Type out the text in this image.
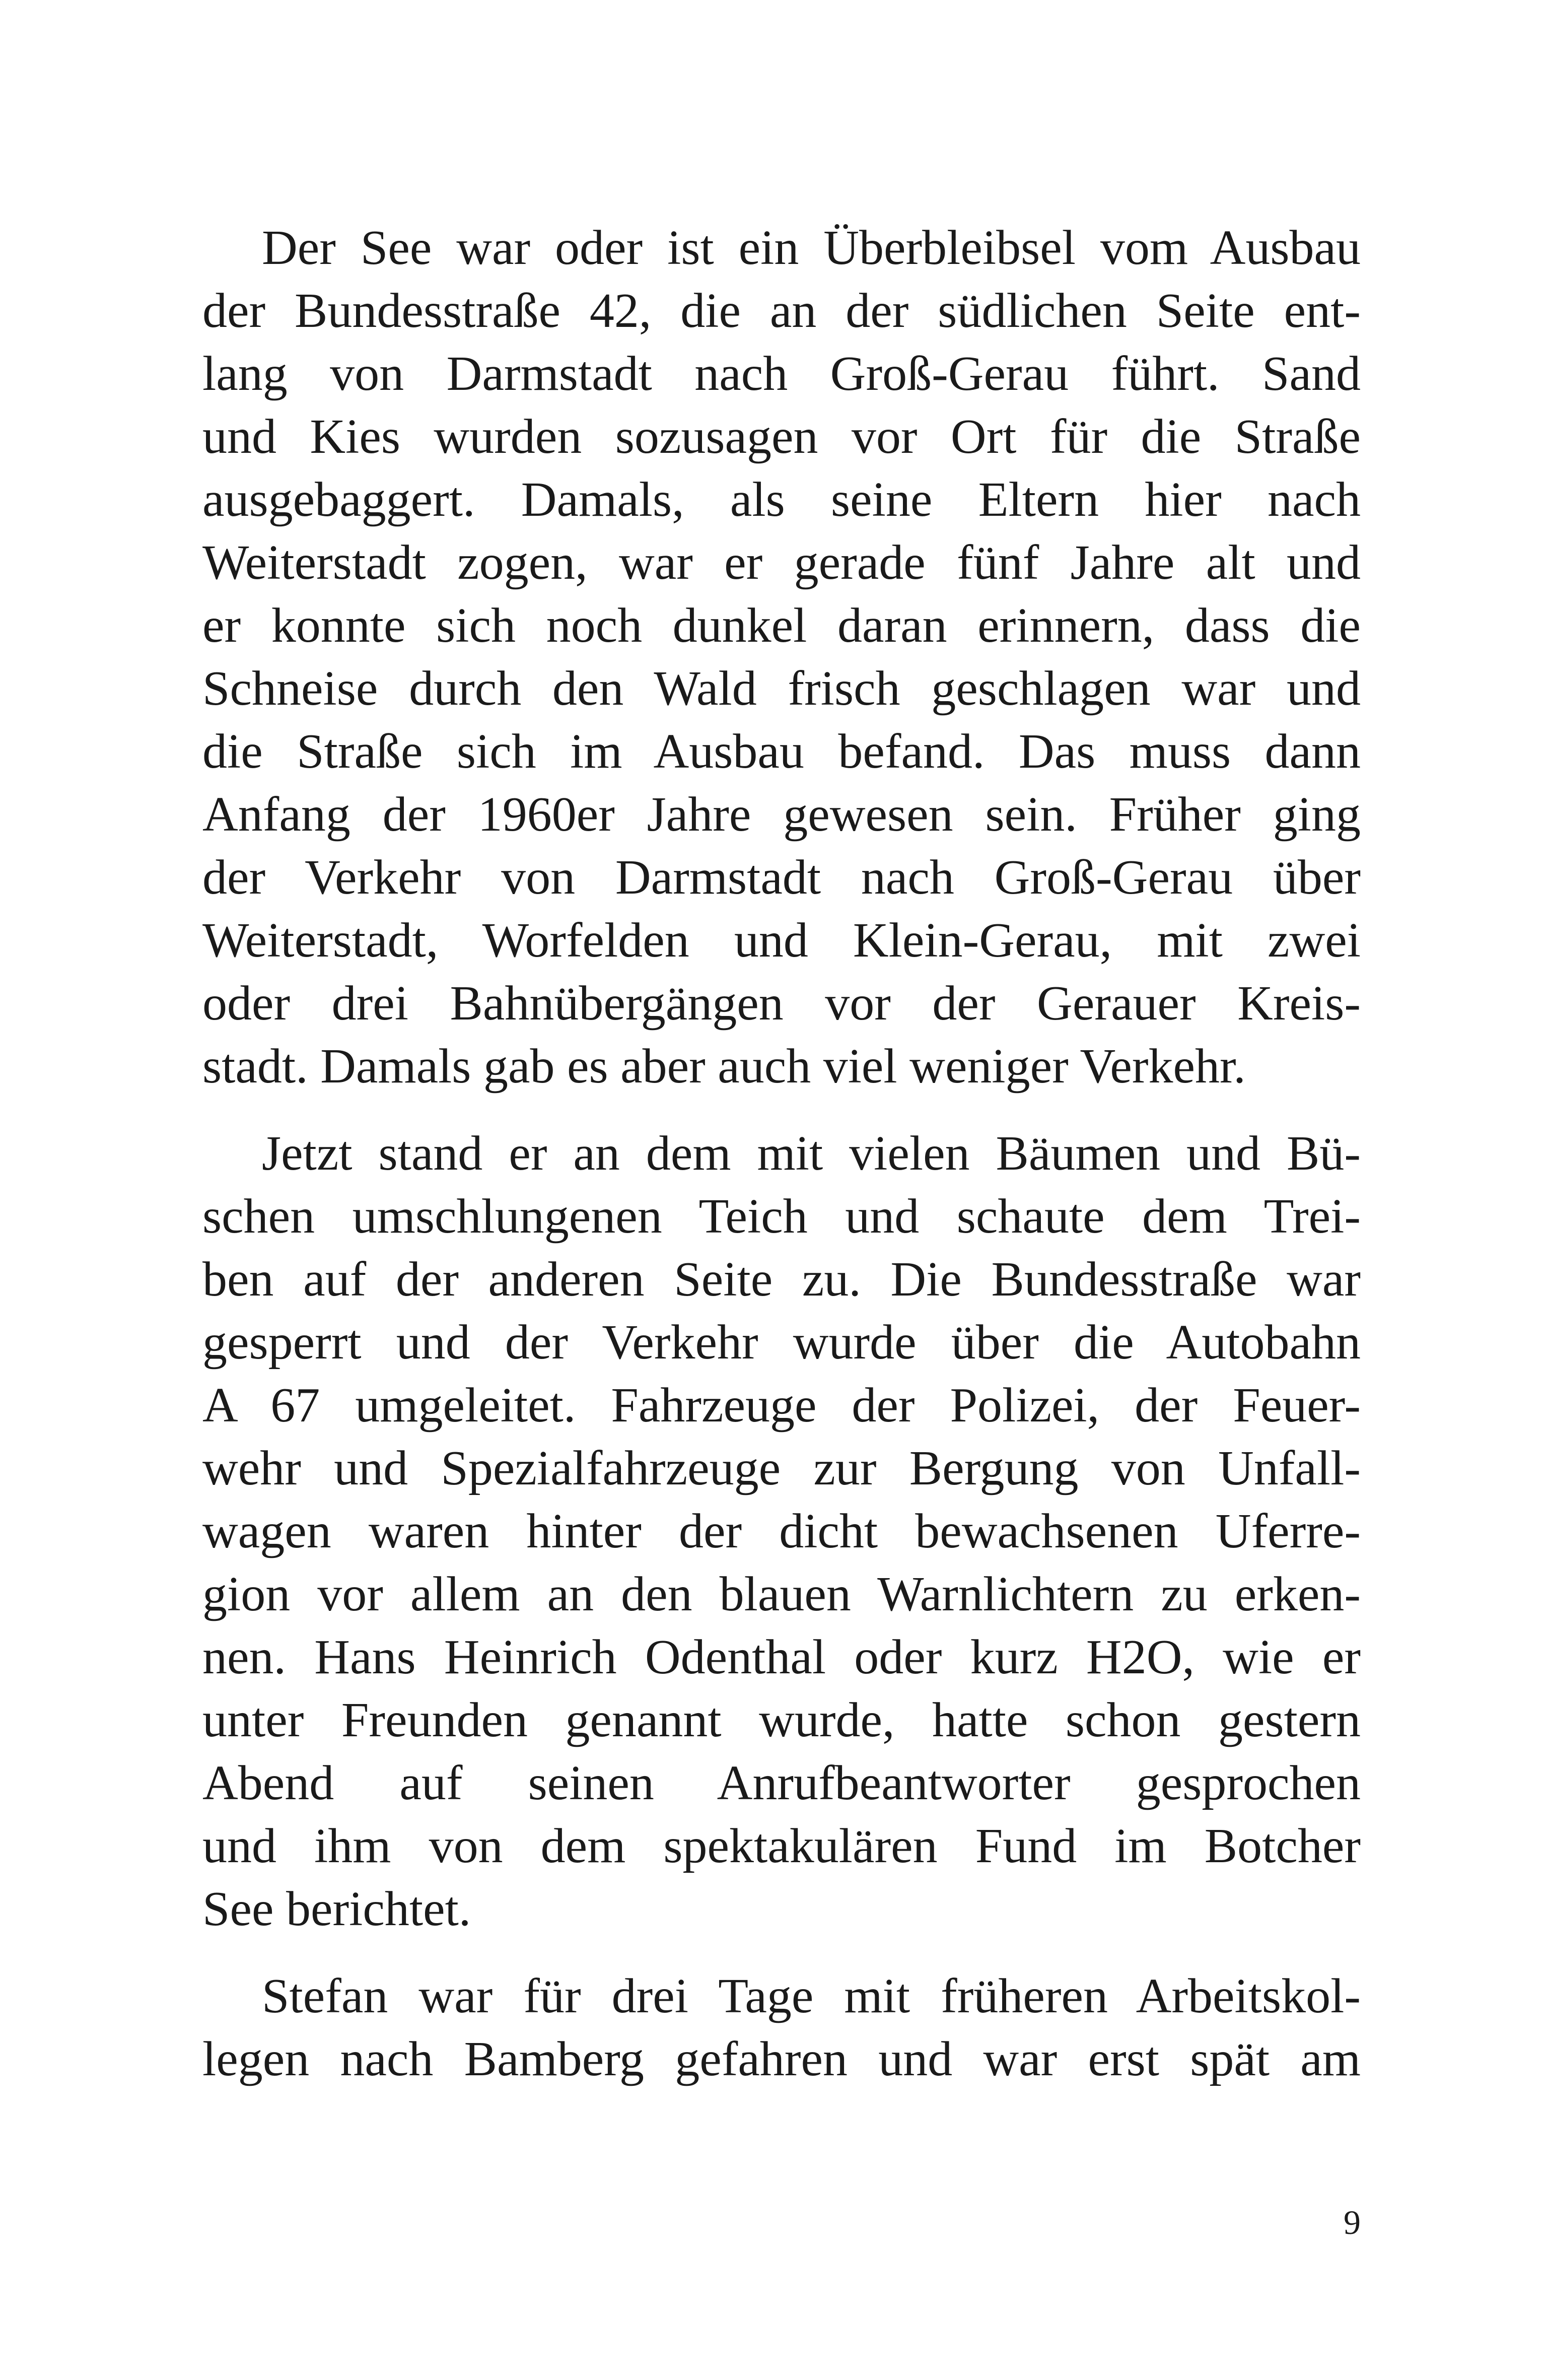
Der See war oder ist ein Überbleibsel vom Ausbau
der Bundesstraße 42, die an der südlichen Seite ent-
lang von Darmstadt nach Groß-Gerau führt. Sand
und Kies wurden sozusagen vor Ort für die Straße
ausgebaggert. Damals, als seine Eltern hier nach
Weiterstadt zogen, war er gerade fünf Jahre alt und
er konnte sich noch dunkel daran erinnern, dass die
Schneise durch den Wald frisch geschlagen war und
die Straße sich im Ausbau befand. Das muss dann
Anfang der 1960er Jahre gewesen sein. Früher ging
der Verkehr von Darmstadt nach Groß-Gerau über
Weiterstadt, Worfelden und Klein-Gerau, mit zwei
oder drei Bahnübergängen vor der Gerauer Kreis-
stadt. Damals gab es aber auch viel weniger Verkehr.

Jetzt stand er an dem mit vielen Bäumen und Bü-
schen umschlungenen Teich und schaute dem Trei-
ben auf der anderen Seite zu. Die Bundesstraße war
gesperrt und der Verkehr wurde über die Autobahn
A 67 umgeleitet. Fahrzeuge der Polizei, der Feuer-
wehr und Spezialfahrzeuge zur Bergung von Unfall-
wagen waren hinter der dicht bewachsenen Uferre-
gion vor allem an den blauen Warnlichtern zu erken-
nen. Hans Heinrich Odenthal oder kurz H2O, wie er
unter Freunden genannt wurde, hatte schon gestern
Abend auf seinen Anrufbeantworter gesprochen
und ihm von dem spektakulären Fund im Botcher
See berichtet.

Stefan war für drei Tage mit früheren Arbeitskol-
legen nach Bamberg gefahren und war erst spät am

9
